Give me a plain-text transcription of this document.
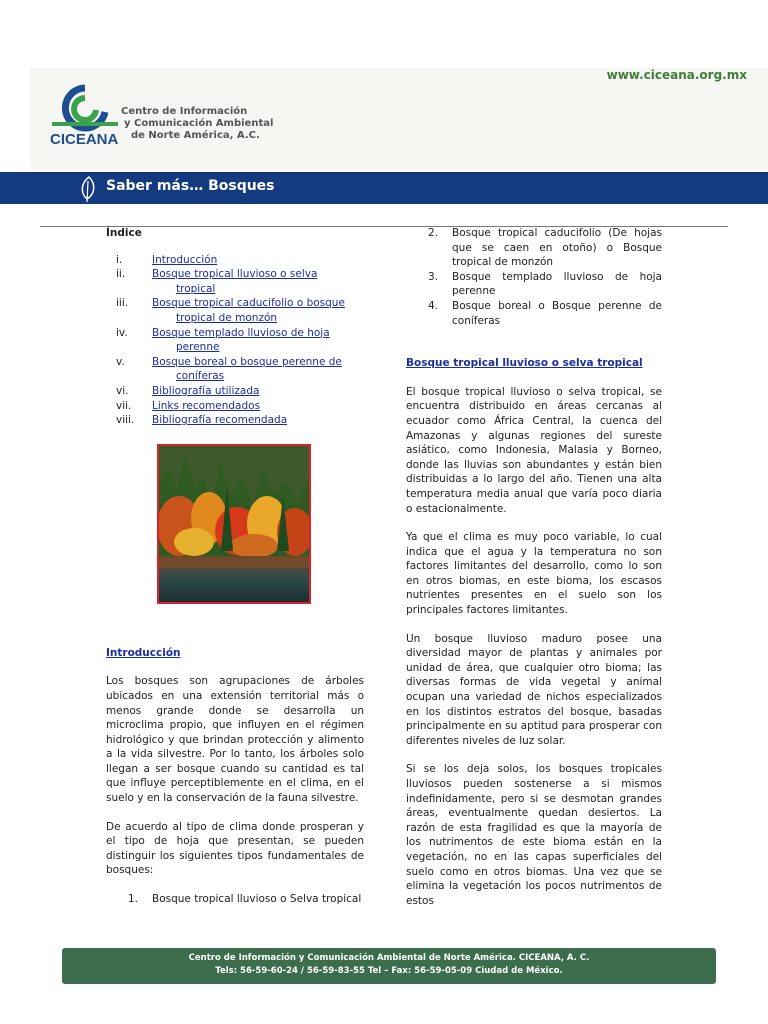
www.ciceana.org.mx
CICEANA
Centro de Información
y Comunicación Ambiental
de Norte América, A.C.
Saber más… Bosques

Índice

i.	Introducción
ii.	Bosque tropical lluvioso o selva
tropical
iii. Bosque tropical caducifolio o bosque
tropical de monzón
iv. Bosque templado lluvioso de hoja
perenne
v.	Bosque boreal o bosque perenne de
coníferas
vi. Bibliografía utilizada
vii. Links recomendados
viii. Bibliografía recomendada

Introducción

Los bosques son agrupaciones de árboles ubicados en una extensión territorial más o menos grande donde se desarrolla un microclima propio, que influyen en el régimen hidrológico y que brindan protección y alimento a la vida silvestre. Por lo tanto, los árboles solo llegan a ser bosque cuando su cantidad es tal que influye perceptiblemente en el clima, en el suelo y en la conservación de la fauna silvestre.

De acuerdo al tipo de clima donde prosperan y el tipo de hoja que presentan, se pueden distinguir los siguientes tipos fundamentales de bosques:

1. Bosque tropical lluvioso o Selva tropical
2. Bosque tropical caducifolio (De hojas que se caen en otoño) o Bosque tropical de monzón
3. Bosque templado lluvioso de hoja perenne
4. Bosque boreal o Bosque perenne de coníferas

Bosque tropical lluvioso o selva tropical

El bosque tropical lluvioso o selva tropical, se encuentra distribuido en áreas cercanas al ecuador como África Central, la cuenca del Amazonas y algunas regiones del sureste asiático, como Indonesia, Malasia y Borneo, donde las lluvias son abundantes y están bien distribuidas a lo largo del año. Tienen una alta temperatura media anual que varía poco diaria o estacionalmente.

Ya que el clima es muy poco variable, lo cual indica que el agua y la temperatura no son factores limitantes del desarrollo, como lo son en otros biomas, en este bioma, los escasos nutrientes presentes en el suelo son los principales factores limitantes.

Un bosque lluvioso maduro posee una diversidad mayor de plantas y animales por unidad de área, que cualquier otro bioma; las diversas formas de vida vegetal y animal ocupan una variedad de nichos especializados en los distintos estratos del bosque, basadas principalmente en su aptitud para prosperar con diferentes niveles de luz solar.

Si se los deja solos, los bosques tropicales lluviosos pueden sostenerse a si mismos indefinidamente, pero si se desmotan grandes áreas, eventualmente quedan desiertos. La razón de esta fragilidad es que la mayoría de los nutrimentos de este bioma están en la vegetación, no en las capas superficiales del suelo como en otros biomas. Una vez que se elimina la vegetación los pocos nutrimentos de estos

Centro de Información y Comunicación Ambiental de Norte América. CICEANA, A. C.
Tels: 56-59-60-24 / 56-59-83-55 Tel – Fax: 56-59-05-09 Ciudad de México.
